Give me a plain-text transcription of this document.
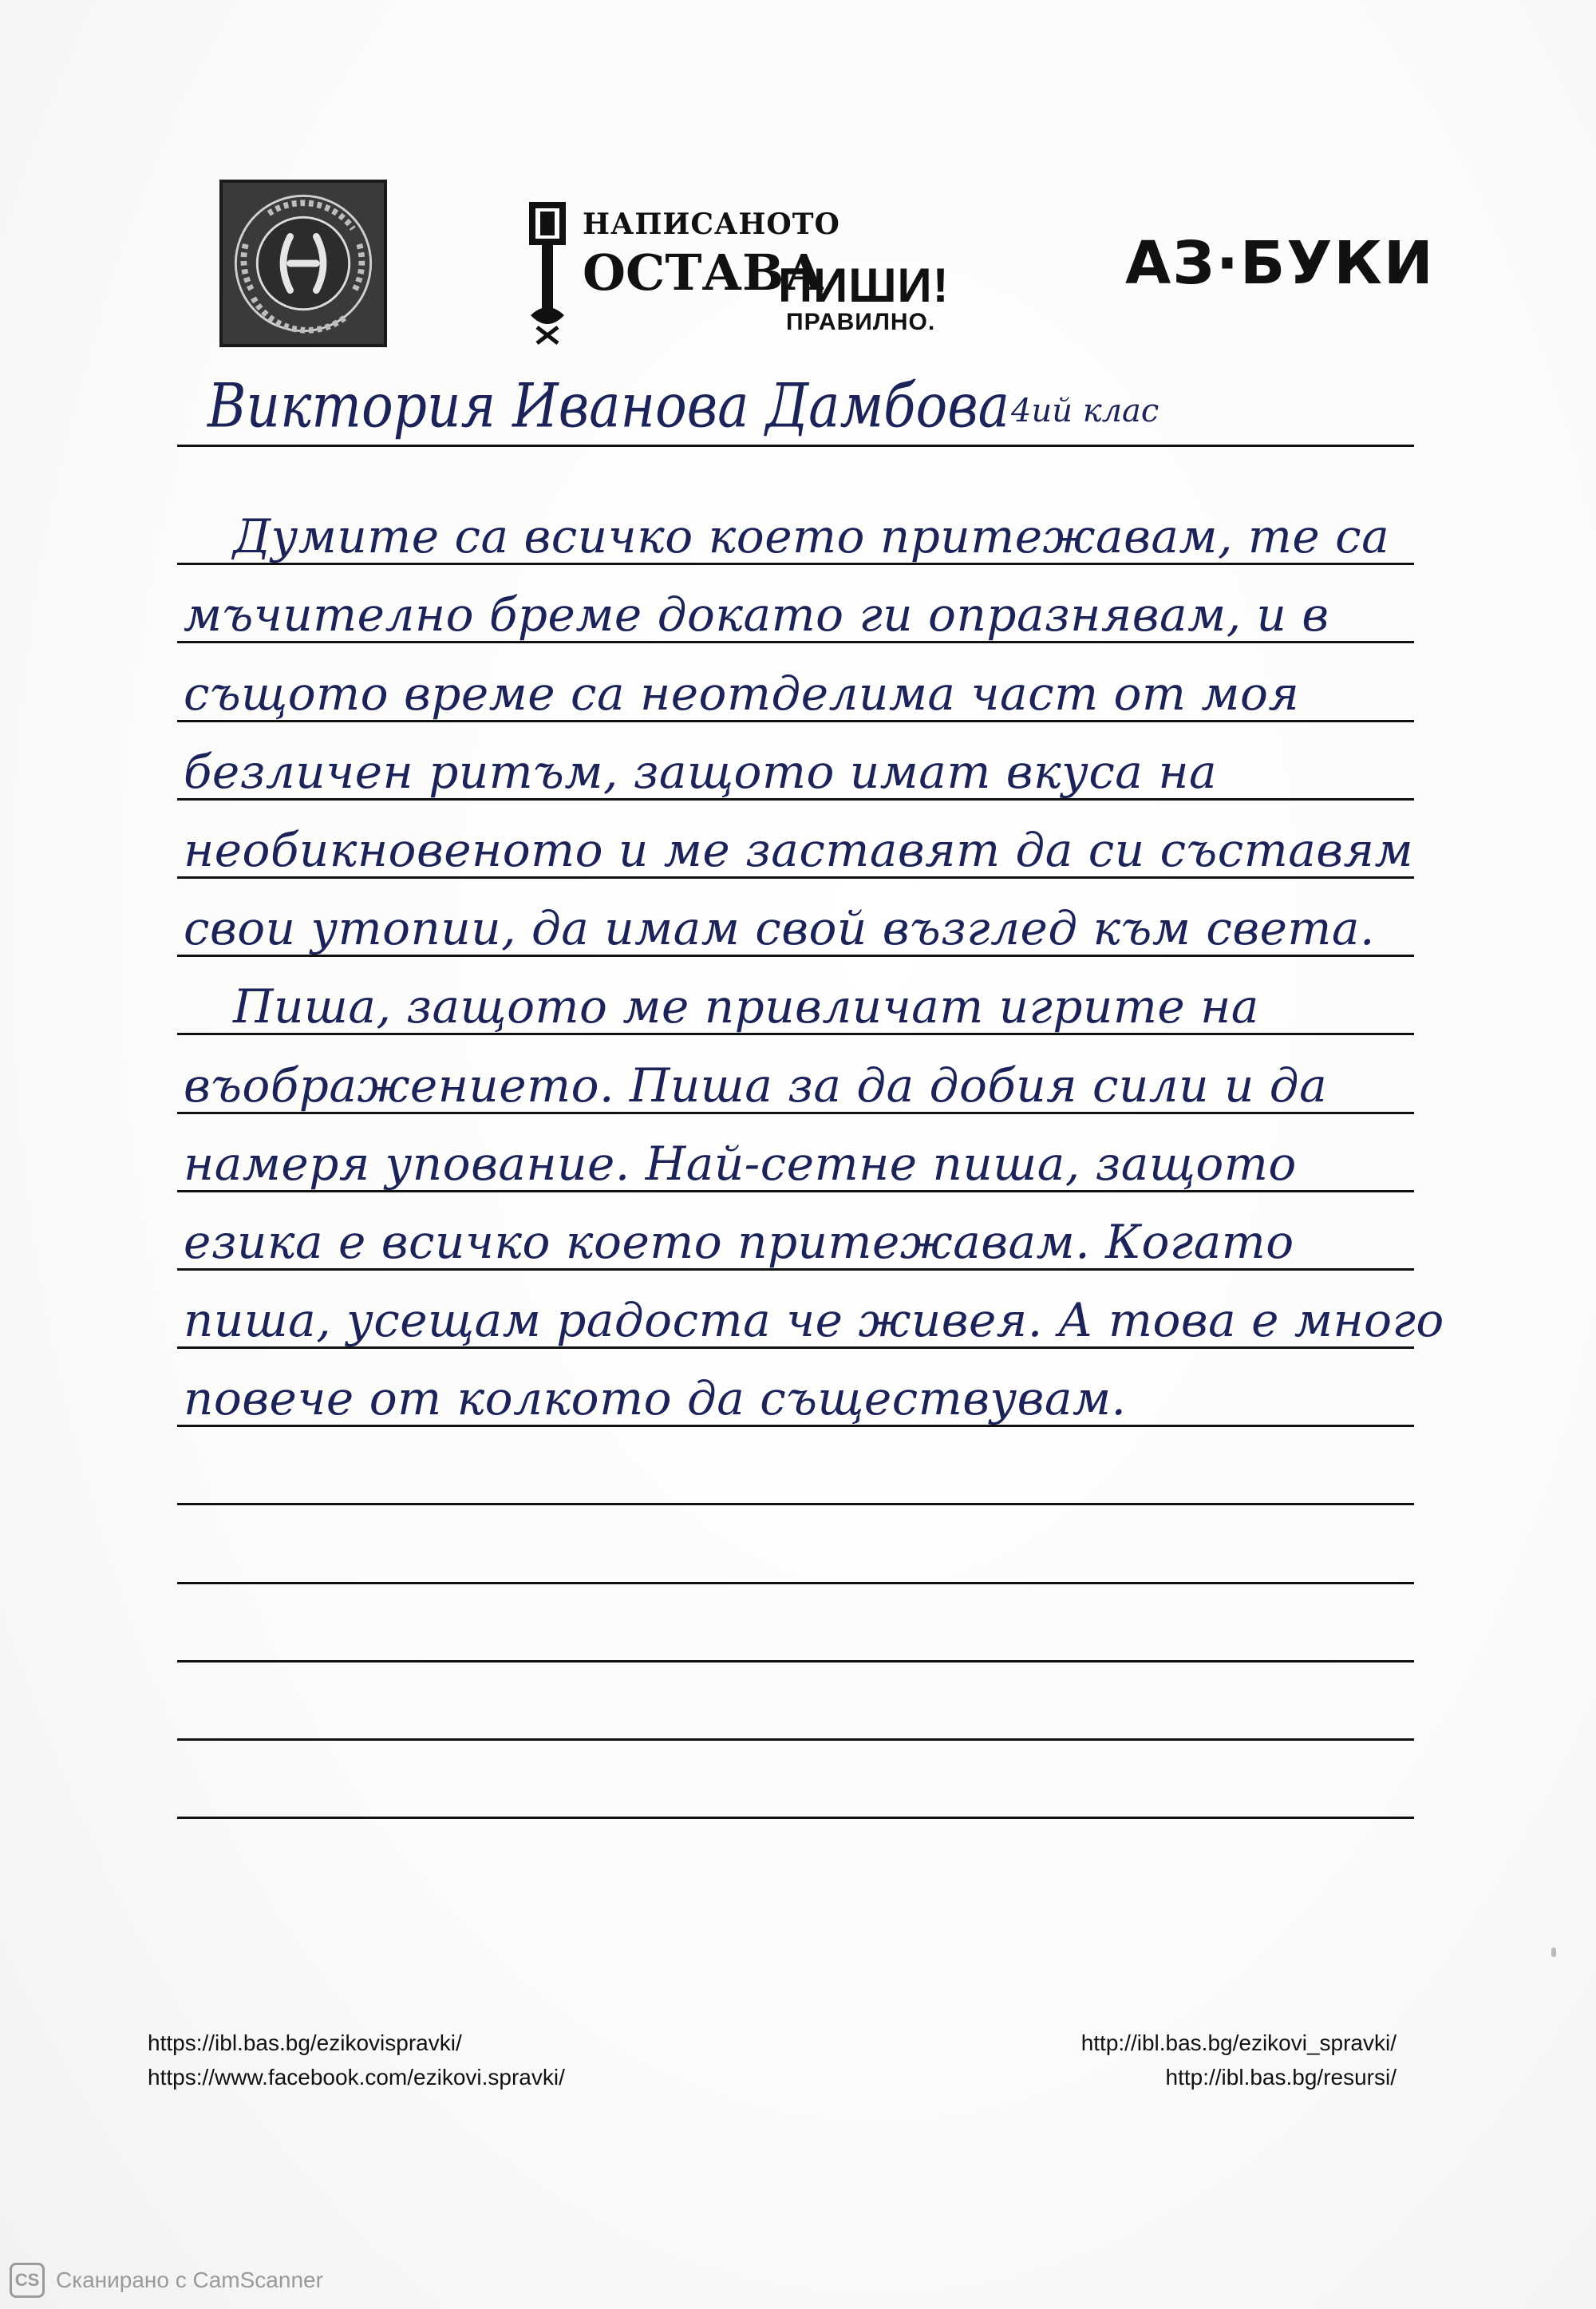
НАПИСАНОТО
ОСТАВА
ПИШИ!
ПРАВИЛНО.
АЗ·БУКИ
Виктория Иванова Дамбова 4ий клас
Думите са всичко което притежавам, те са
мъчително бреме докато ги опразнявам, и в
същото време са неотделима част от моя
безличен ритъм, защото имат вкуса на
необикновеното и ме заставят да си съставям
свои утопии, да имам свой възглед към света.
Пиша, защото ме привличат игрите на
въображението. Пиша за да добия сили и да
намеря упование. Най-сетне пиша, защото
езика е всичко което притежавам. Когато
пиша, усещам радоста че живея. А това е много
повече от колкото да съществувам.
https://ibl.bas.bg/ezikovispravki/
https://www.facebook.com/ezikovi.spravki/
http://ibl.bas.bg/ezikovi_spravki/
http://ibl.bas.bg/resursi/
CS Сканирано с CamScanner
